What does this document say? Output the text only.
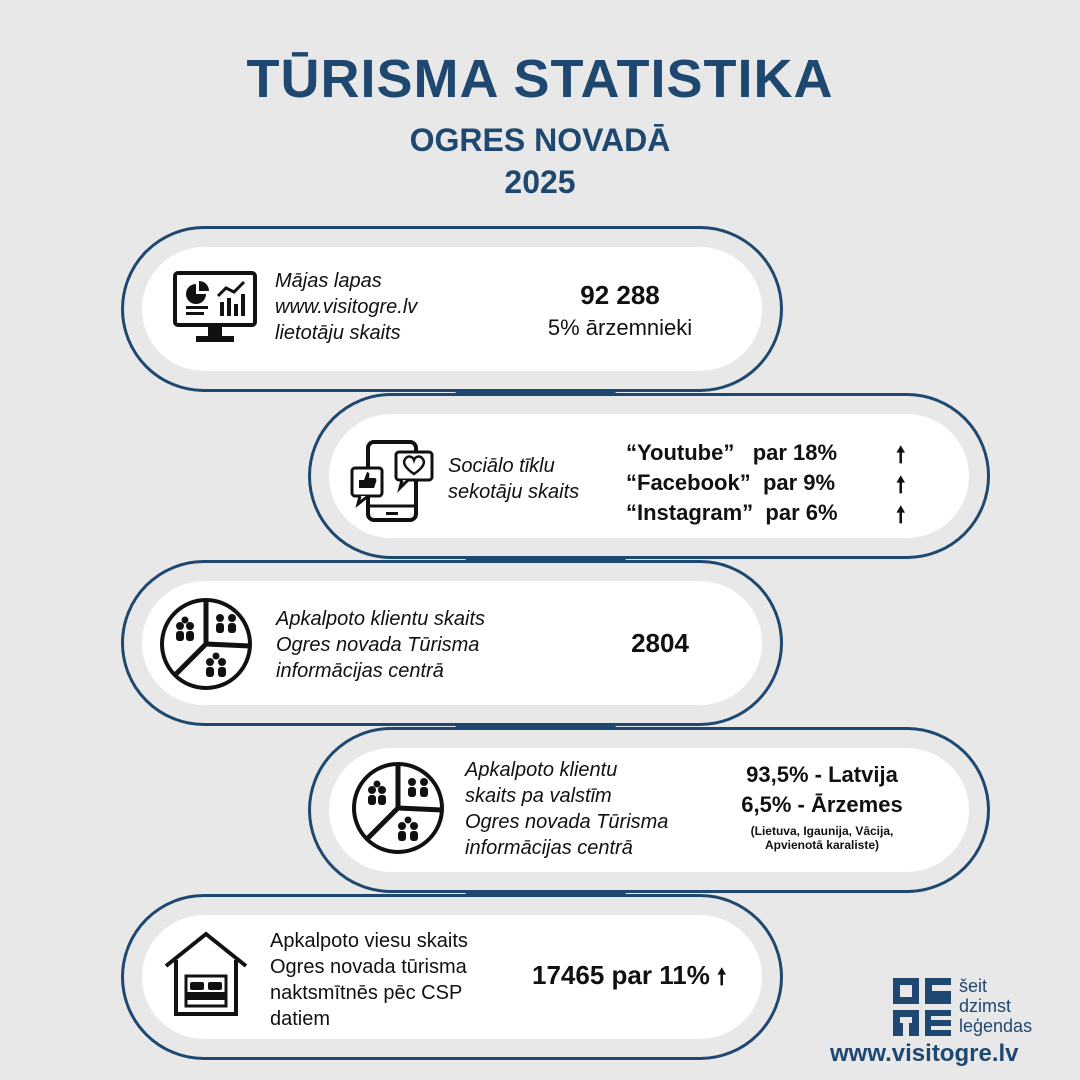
TŪRISMA STATISTIKA
OGRES NOVADĀ
2025
Mājas lapas
www.visitogre.lv
lietotāju skaits
92 288
5% ārzemnieki
Sociālo tīklu
sekotāju skaits
“Youtube” par 18%
“Facebook” par 9%
“Instagram” par 6%
🠕
🠕
🠕
Apkalpoto klientu skaits
Ogres novada Tūrisma
informācijas centrā
2804
Apkalpoto klientu
skaits pa valstīm
Ogres novada Tūrisma
informācijas centrā
93,5% - Latvija
6,5% - Ārzemes
(Lietuva, Igaunija, Vācija,
Apvienotā karaliste)
Apkalpoto viesu skaits
Ogres novada tūrisma
naktsmītnēs pēc CSP
datiem
17465 par 11% 🠕	šeit
dzimst
leģendas
www.visitogre.lv
